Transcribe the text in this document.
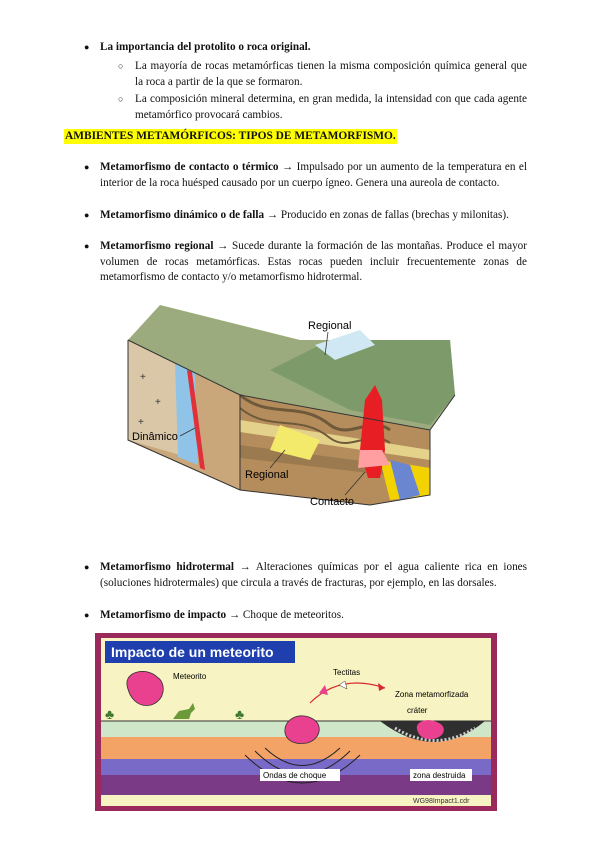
● La importancia del protolito o roca original.
○ La mayoría de rocas metamórficas tienen la misma composición química general que la roca a partir de la que se formaron.
○ La composición mineral determina, en gran medida, la intensidad con que cada agente metamórfico provocará cambios.
AMBIENTES METAMÓRFICOS: TIPOS DE METAMORFISMO.
● Metamorfismo de contacto o térmico → Impulsado por un aumento de la temperatura en el interior de la roca huésped causado por un cuerpo ígneo. Genera una aureola de contacto.
● Metamorfismo dinámico o de falla → Producido en zonas de fallas (brechas y milonitas).
● Metamorfismo regional → Sucede durante la formación de las montañas. Produce el mayor volumen de rocas metamórficas. Estas rocas pueden incluir frecuentemente zonas de metamorfismo de contacto y/o metamorfismo hidrotermal.
+
+
+
Regional
Dinâmico
Regional
Contacto
● Metamorfismo hidrotermal → Alteraciones químicas por el agua caliente rica en iones (soluciones hidrotermales) que circula a través de fracturas, por ejemplo, en las dorsales.
● Metamorfismo de impacto → Choque de meteoritos.
Impacto de un meteorito
Meteorito
♣
Ondas de choque
Tectitas
♣
Zona metamorfizada
cráter
zona destruida
WG98Impact1.cdr
